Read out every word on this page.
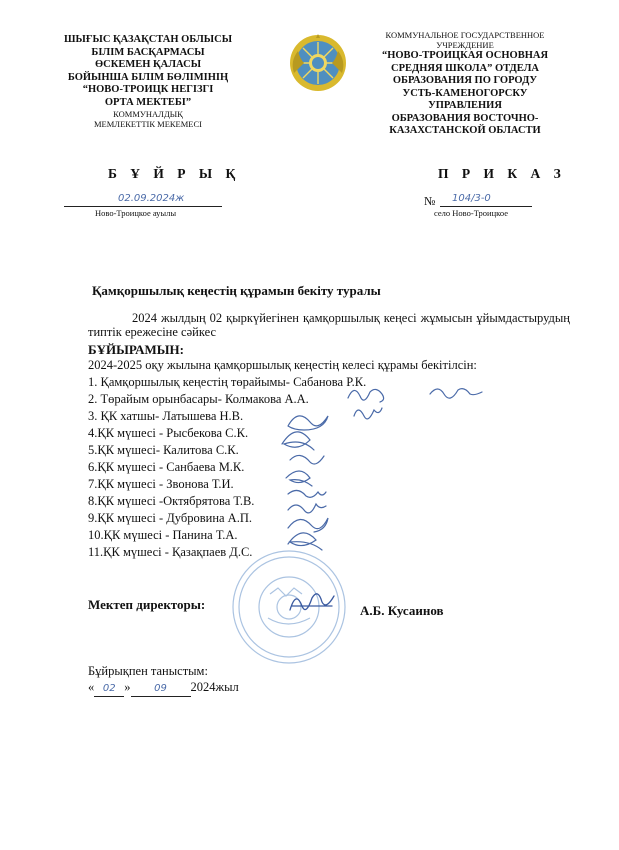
ШЫҒЫС ҚАЗАҚСТАН ОБЛЫСЫ
БІЛІМ БАСҚАРМАСЫ
ӨСКЕМЕН ҚАЛАСЫ
БОЙЫНША БІЛІМ БӨЛІМІНІҢ
“НОВО-ТРОИЦК НЕГІЗГІ
ОРТА МЕКТЕБІ”
КОММУНАЛДЫҚ
МЕМЛЕКЕТТІК МЕКЕМЕСІ
КОММУНАЛЬНОЕ ГОСУДАРСТВЕННОЕ
УЧРЕЖДЕНИЕ
“НОВО-ТРОИЦКАЯ ОСНОВНАЯ
СРЕДНЯЯ ШКОЛА” ОТДЕЛА
ОБРАЗОВАНИЯ ПО ГОРОДУ
УСТЬ-КАМЕНОГОРСКУ УПРАВЛЕНИЯ
ОБРАЗОВАНИЯ ВОСТОЧНО-
КАЗАХСТАНСКОЙ ОБЛАСТИ
Б Ұ Й Р Ы Қ	П Р И К А З
02.09.2024ж
Ново-Троицкое ауылы
№ 104/3-0
село Ново-Троицкое
Қамқоршылық кеңестің құрамын бекіту туралы
2024 жылдың 02 қыркүйегінен қамқоршылық кеңесі жұмысын ұйымдастырудың типтік ережесіне сәйкес
БҰЙЫРАМЫН:
2024-2025 оқу жылына қамқоршылық кеңестің келесі құрамы бекітілсін:
1. Қамқоршылық кеңестің төрайымы- Сабанова Р.К.
2. Төрайым орынбасары- Колмакова А.А.
3. ҚК хатшы- Латышева Н.В.
4.ҚК мүшесі - Рысбекова С.К.
5.ҚК мүшесі- Калитова С.К.
6.ҚК мүшесі - Санбаева М.К.
7.ҚК мүшесі - Звонова Т.И.
8.ҚК мүшесі -Октябрятова Т.В.
9.ҚК мүшесі - Дубровина А.П.
10.ҚК мүшесі - Панина Т.А.
11.ҚК мүшесі - Қазақпаев Д.С.
Мектеп директоры:	А.Б. Кусаинов
Бұйрықпен таныстым:
« 02 » 09 2024жыл
